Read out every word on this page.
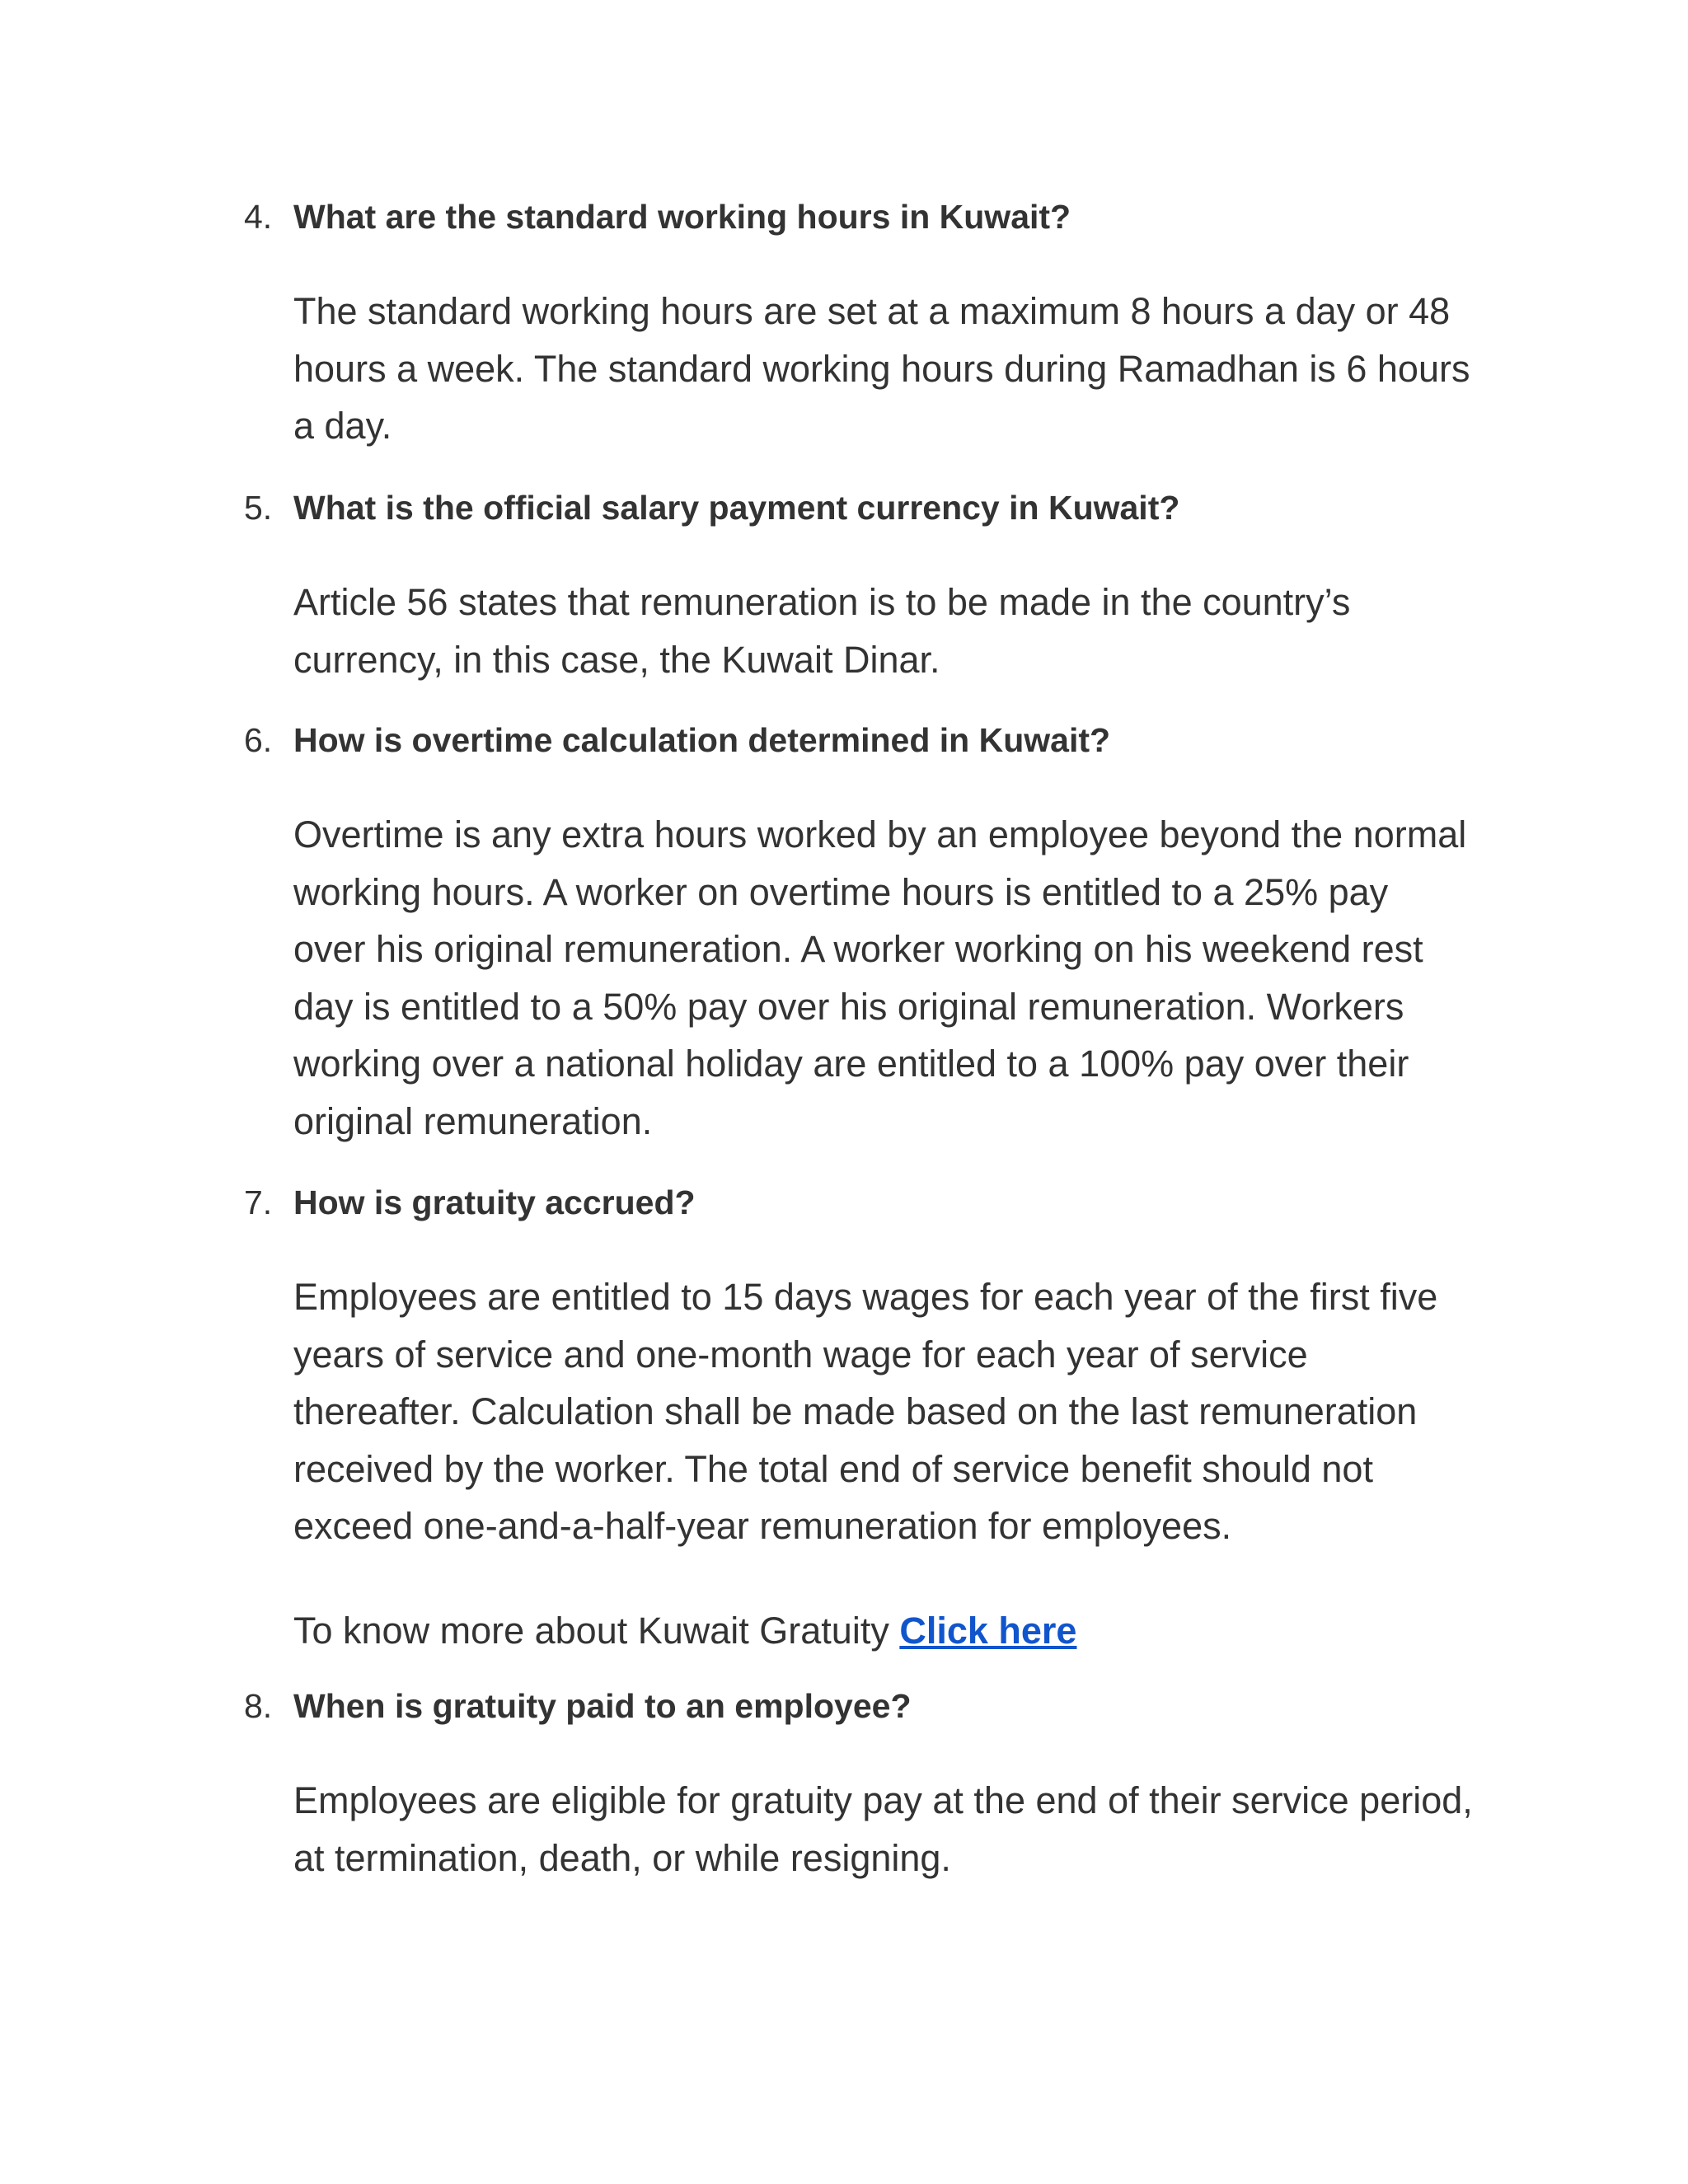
4. What are the standard working hours in Kuwait?
The standard working hours are set at a maximum 8 hours a day or 48
hours a week. The standard working hours during Ramadhan is 6 hours
a day.
5. What is the official salary payment currency in Kuwait?
Article 56 states that remuneration is to be made in the country’s
currency, in this case, the Kuwait Dinar.
6. How is overtime calculation determined in Kuwait?
Overtime is any extra hours worked by an employee beyond the normal
working hours. A worker on overtime hours is entitled to a 25% pay
over his original remuneration. A worker working on his weekend rest
day is entitled to a 50% pay over his original remuneration. Workers
working over a national holiday are entitled to a 100% pay over their
original remuneration.
7. How is gratuity accrued?
Employees are entitled to 15 days wages for each year of the first five
years of service and one-month wage for each year of service
thereafter. Calculation shall be made based on the last remuneration
received by the worker. The total end of service benefit should not
exceed one-and-a-half-year remuneration for employees.
To know more about Kuwait Gratuity Click here
8. When is gratuity paid to an employee?
Employees are eligible for gratuity pay at the end of their service period,
at termination, death, or while resigning.
